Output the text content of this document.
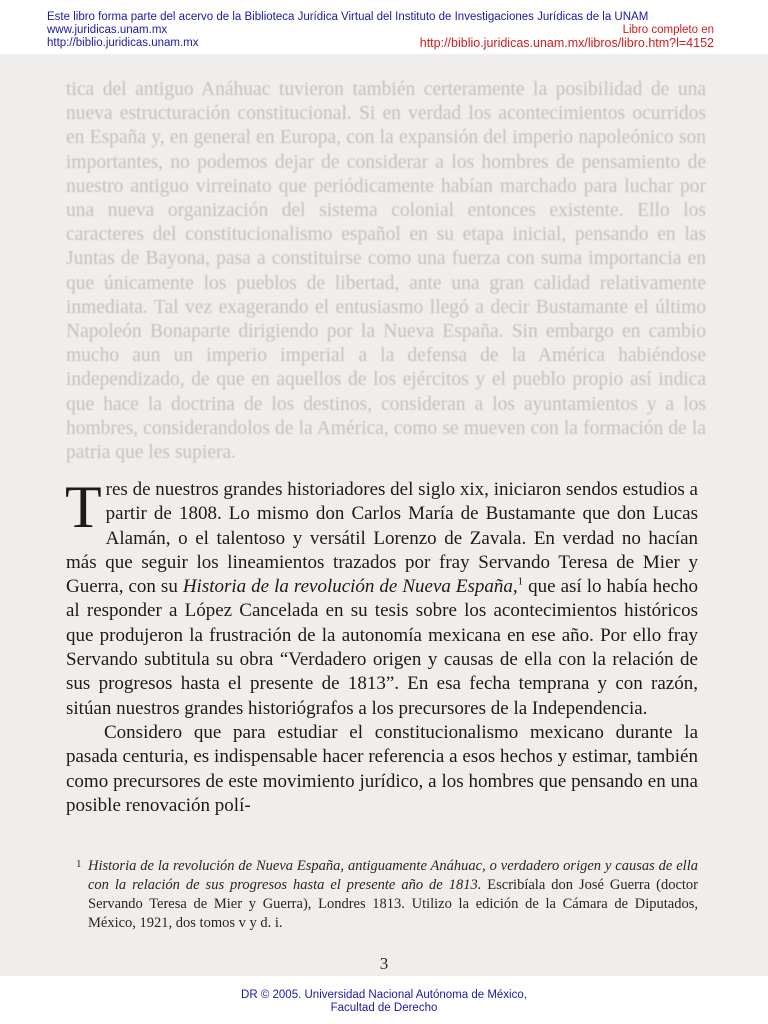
Este libro forma parte del acervo de la Biblioteca Jurídica Virtual del Instituto de Investigaciones Jurídicas de la UNAM
www.juridicas.unam.mx
http://biblio.juridicas.unam.mx
Libro completo en
http://biblio.juridicas.unam.mx/libros/libro.htm?l=4152

tica del antiguo Anáhuac tuvieron también certeramente la posibilidad de una nueva estructuración constitucional. Si en verdad los acontecimientos ocurridos en España y, en general en Europa, con la expansión del imperio napoleónico son importantes, no podemos dejar de considerar a los hombres de pensamiento de nuestro antiguo virreinato que periódicamente habían marchado para luchar por una nueva organización del sistema colonial entonces existente. Ello los caracteres del constitucionalismo español en su etapa inicial, pensando en las Juntas de Bayona, pasa a constituirse como una fuerza con suma importancia en que únicamente los pueblos de libertad, ante una gran calidad relativamente inmediata. Tal vez exagerando el entusiasmo llegó a decir Bustamante el último Napoleón Bonaparte dirigiendo por la Nueva España. Sin embargo en cambio mucho aun un imperio imperial a la defensa de la América habiéndose independizado, de que en aquellos de los ejércitos y el pueblo propio así indica que hace la doctrina de los destinos, consideran a los ayuntamientos y a los hombres, considerandolos de la América, como se mueven con la formación de la patria que les supiera.

Tres de nuestros grandes historiadores del siglo xix, iniciaron sendos estudios a partir de 1808. Lo mismo don Carlos María de Bustamante que don Lucas Alamán, o el talentoso y versátil Lorenzo de Zavala. En verdad no hacían más que seguir los lineamientos trazados por fray Servando Teresa de Mier y Guerra, con su Historia de la revolución de Nueva España,$^1$ que así lo había hecho al responder a López Cancelada en su tesis sobre los acontecimientos históricos que produjeron la frustración de la autonomía mexicana en ese año. Por ello fray Servando subtitula su obra “Verdadero origen y causas de ella con la relación de sus progresos hasta el presente de 1813”. En esa fecha temprana y con razón, sitúan nuestros grandes historiógrafos a los precursores de la Independencia.

Considero que para estudiar el constitucionalismo mexicano durante la pasada centuria, es indispensable hacer referencia a esos hechos y estimar, también como precursores de este movimiento jurídico, a los hombres que pensando en una posible renovación polí-

1 Historia de la revolución de Nueva España, antiguamente Anáhuac, o verdadero origen y causas de ella con la relación de sus progresos hasta el presente año de 1813. Escribíala don José Guerra (doctor Servando Teresa de Mier y Guerra), Londres 1813. Utilizo la edición de la Cámara de Diputados, México, 1921, dos tomos v y d. i.
3
DR © 2005. Universidad Nacional Autónoma de México,
Facultad de Derecho
